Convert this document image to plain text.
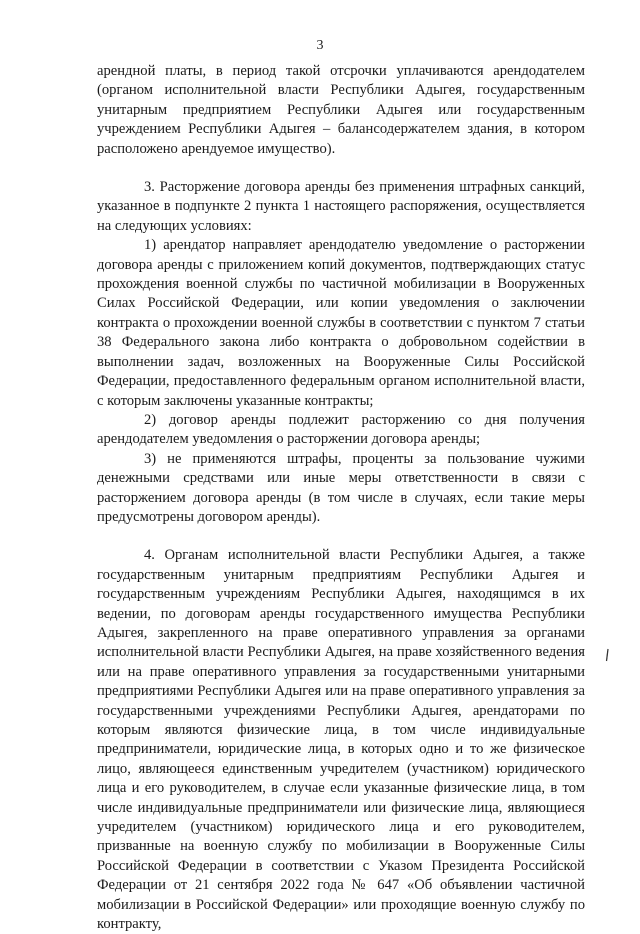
3

арендной платы, в период такой отсрочки уплачиваются арендодателем (органом исполнительной власти Республики Адыгея, государственным унитарным предприятием Республики Адыгея или государственным учреждением Республики Адыгея – балансодержателем здания, в котором расположено арендуемое имущество).

3. Расторжение договора аренды без применения штрафных санкций, указанное в подпункте 2 пункта 1 настоящего распоряжения, осуществляется на следующих условиях:

1) арендатор направляет арендодателю уведомление о расторжении договора аренды с приложением копий документов, подтверждающих статус прохождения военной службы по частичной мобилизации в Вооруженных Силах Российской Федерации, или копии уведомления о заключении контракта о прохождении военной службы в соответствии с пунктом 7 статьи 38 Федерального закона либо контракта о добровольном содействии в выполнении задач, возложенных на Вооруженные Силы Российской Федерации, предоставленного федеральным органом исполнительной власти, с которым заключены указанные контракты;

2) договор аренды подлежит расторжению со дня получения арендодателем уведомления о расторжении договора аренды;

3) не применяются штрафы, проценты за пользование чужими денежными средствами или иные меры ответственности в связи с расторжением договора аренды (в том числе в случаях, если такие меры предусмотрены договором аренды).

4. Органам исполнительной власти Республики Адыгея, а также государственным унитарным предприятиям Республики Адыгея и государственным учреждениям Республики Адыгея, находящимся в их ведении, по договорам аренды государственного имущества Республики Адыгея, закрепленного на праве оперативного управления за органами исполнительной власти Республики Адыгея, на праве хозяйственного ведения или на праве оперативного управления за государственными унитарными предприятиями Республики Адыгея или на праве оперативного управления за государственными учреждениями Республики Адыгея, арендаторами по которым являются физические лица, в том числе индивидуальные предприниматели, юридические лица, в которых одно и то же физическое лицо, являющееся единственным учредителем (участником) юридического лица и его руководителем, в случае если указанные физические лица, в том числе индивидуальные предприниматели или физические лица, являющиеся учредителем (участником) юридического лица и его руководителем, призванные на военную службу по мобилизации в Вооруженные Силы Российской Федерации в соответствии с Указом Президента Российской Федерации от 21 сентября 2022 года № 647 «Об объявлении частичной мобилизации в Российской Федерации» или проходящие военную службу по контракту,
